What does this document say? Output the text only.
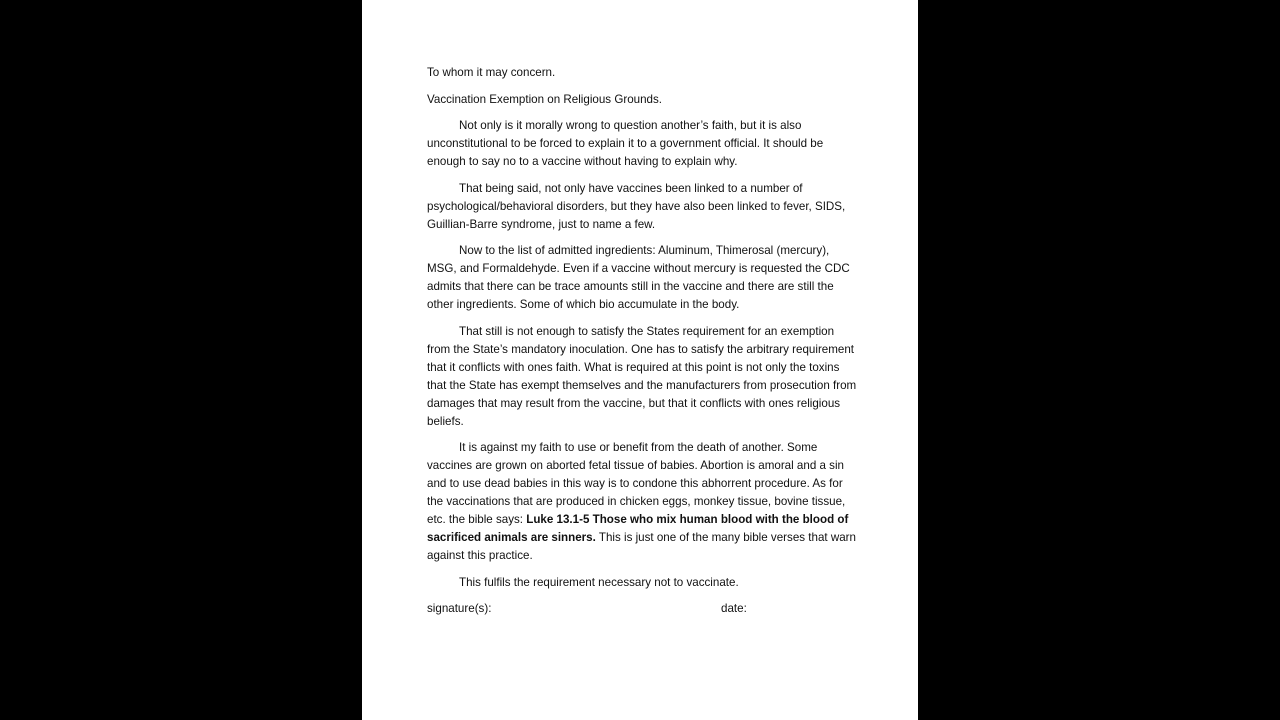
To whom it may concern.

Vaccination Exemption on Religious Grounds.

Not only is it morally wrong to question another’s faith, but it is also unconstitutional to be forced to explain it to a government official. It should be enough to say no to a vaccine without having to explain why.

That being said, not only have vaccines been linked to a number of psychological/behavioral disorders, but they have also been linked to fever, SIDS, Guillian-Barre syndrome, just to name a few.

Now to the list of admitted ingredients: Aluminum, Thimerosal (mercury), MSG, and Formaldehyde. Even if a vaccine without mercury is requested the CDC admits that there can be trace amounts still in the vaccine and there are still the other ingredients. Some of which bio accumulate in the body.

That still is not enough to satisfy the States requirement for an exemption from the State’s mandatory inoculation. One has to satisfy the arbitrary requirement that it conflicts with ones faith. What is required at this point is not only the toxins that the State has exempt themselves and the manufacturers from prosecution from damages that may result from the vaccine, but that it conflicts with ones religious beliefs.

It is against my faith to use or benefit from the death of another. Some vaccines are grown on aborted fetal tissue of babies. Abortion is amoral and a sin and to use dead babies in this way is to condone this abhorrent procedure. As for the vaccinations that are produced in chicken eggs, monkey tissue, bovine tissue, etc. the bible says: Luke 13.1-5 Those who mix human blood with the blood of sacrificed animals are sinners. This is just one of the many bible verses that warn against this practice.

This fulfils the requirement necessary not to vaccinate.

signature(s):	date:
